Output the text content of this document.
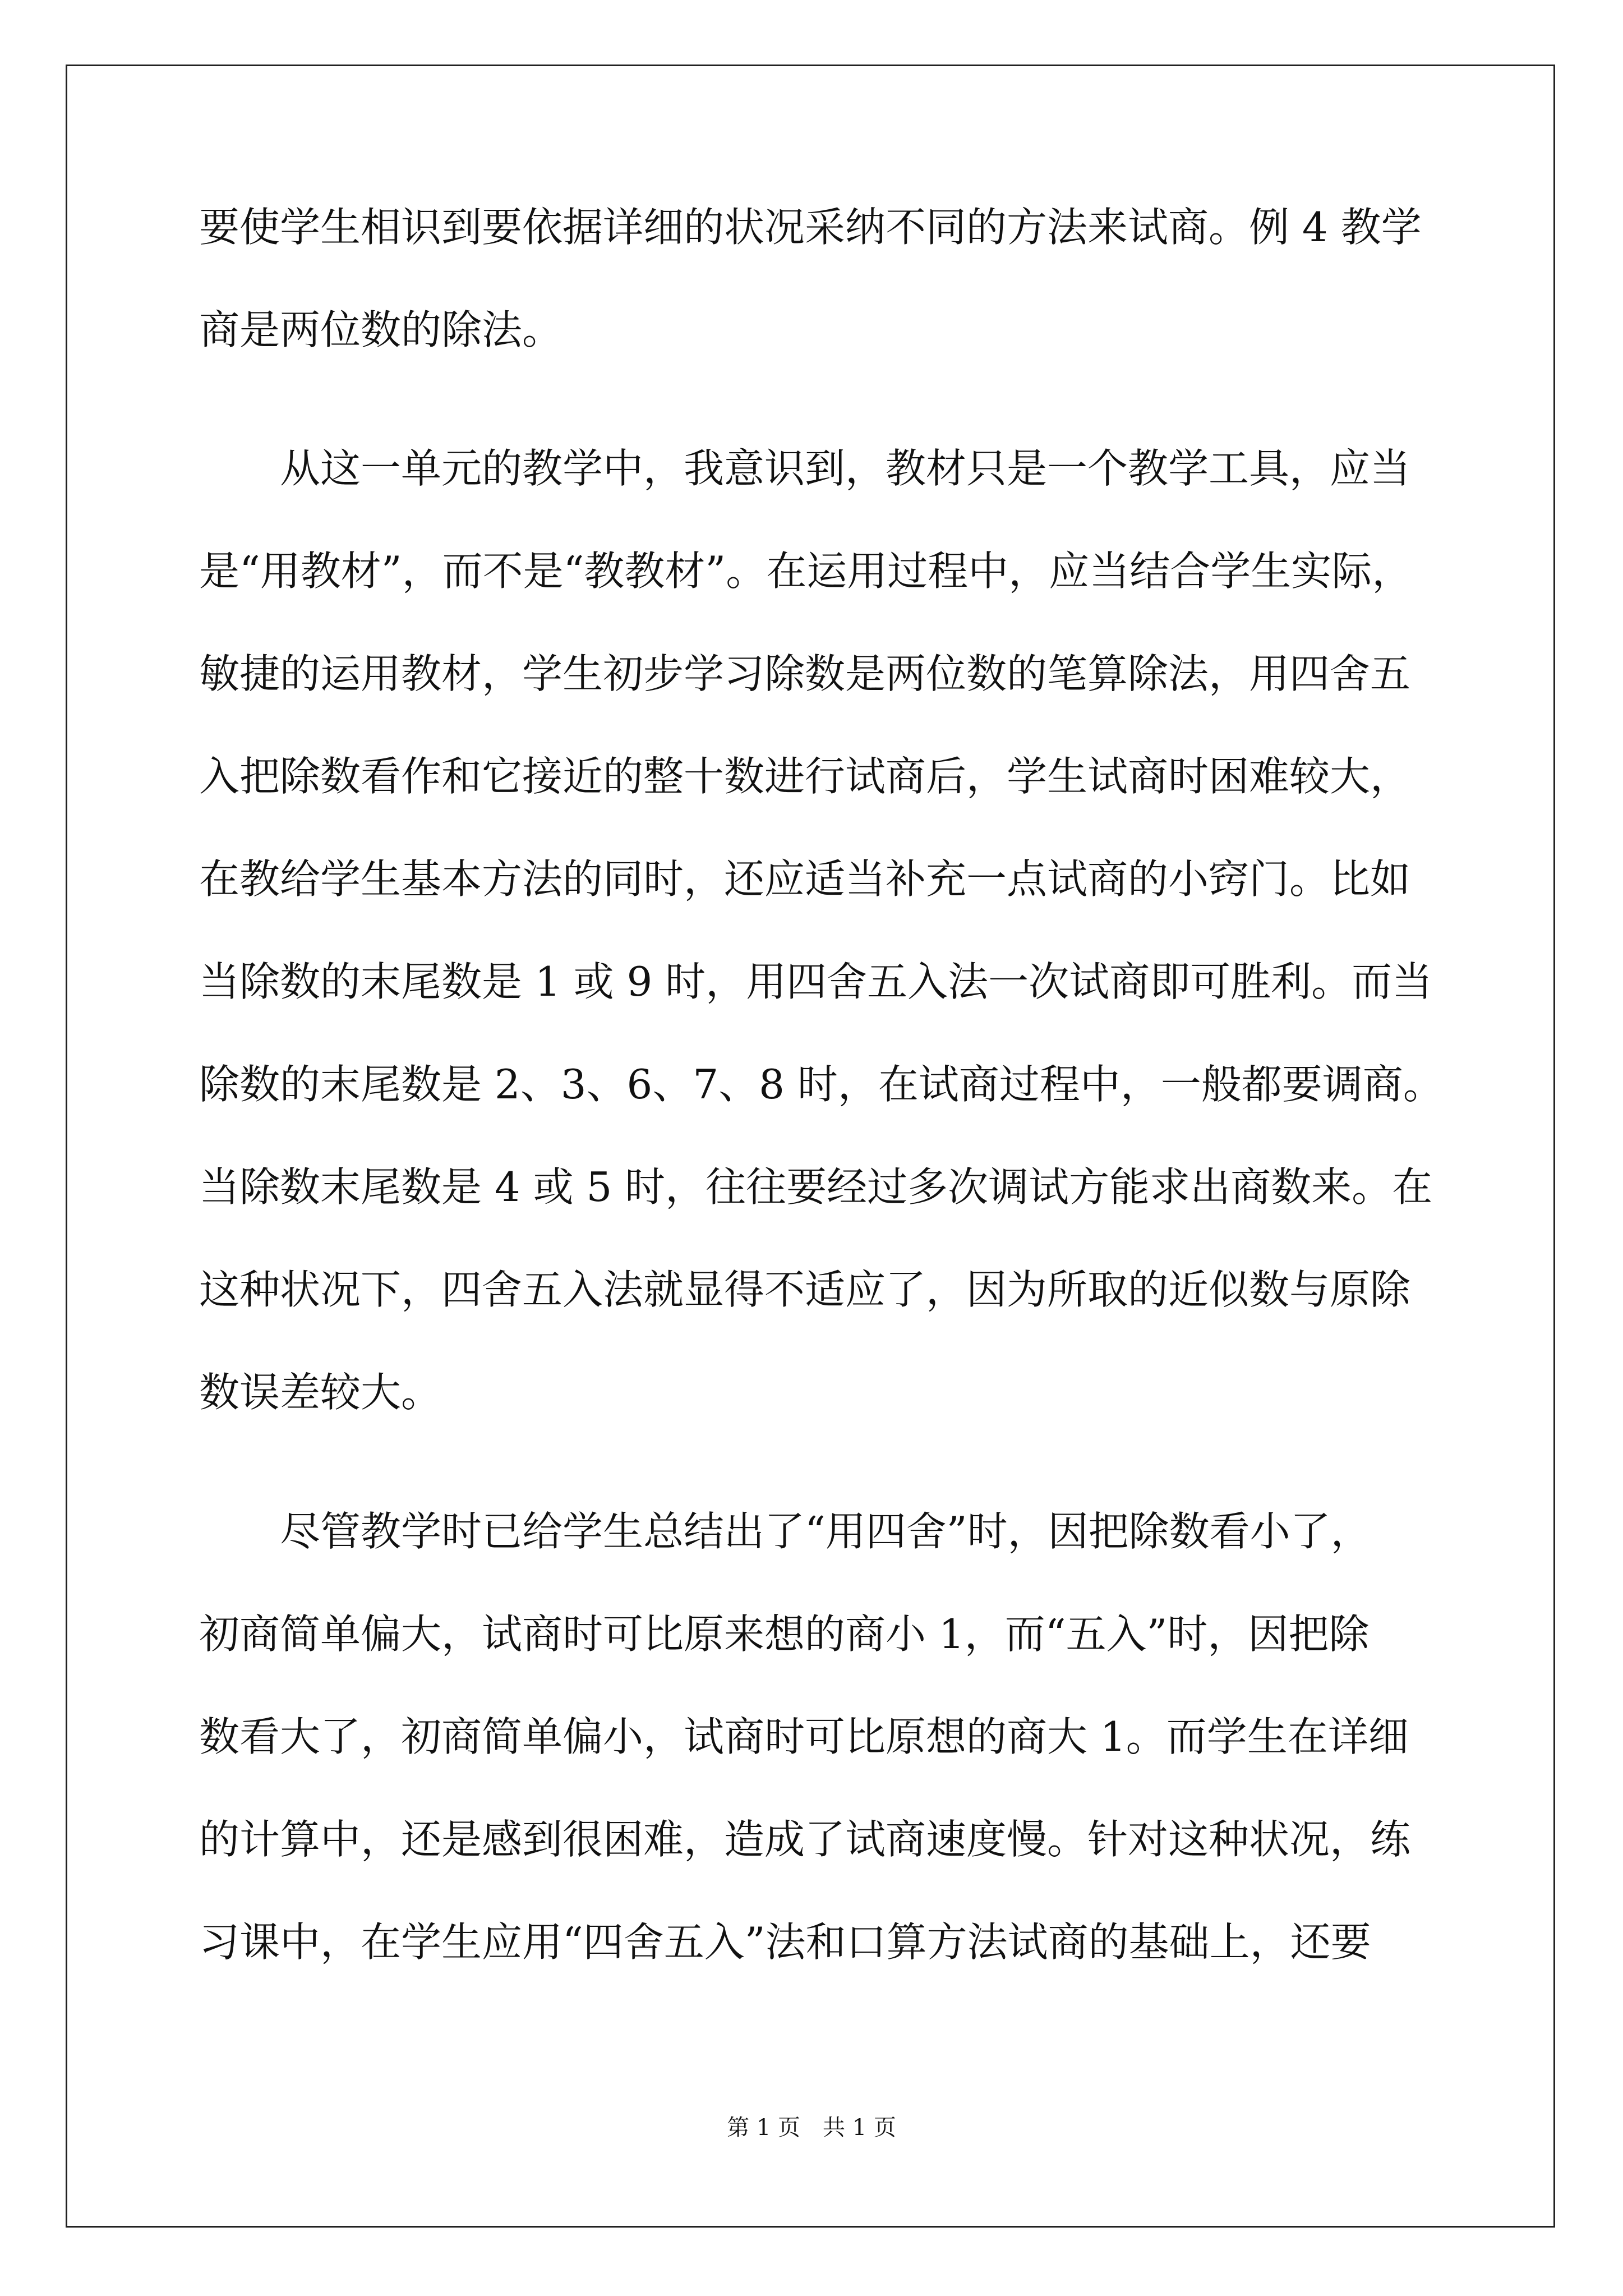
要使学生相识到要依据详细的状况采纳不同的方法来试商。例 4 教学
商是两位数的除法。
　　从这一单元的教学中，我意识到，教材只是一个教学工具，应当
是“用教材”，而不是“教教材”。在运用过程中，应当结合学生实际，
敏捷的运用教材，学生初步学习除数是两位数的笔算除法，用四舍五
入把除数看作和它接近的整十数进行试商后，学生试商时困难较大，
在教给学生基本方法的同时，还应适当补充一点试商的小窍门。比如
当除数的末尾数是 1 或 9 时，用四舍五入法一次试商即可胜利。而当
除数的末尾数是 2、3、6、7、8 时，在试商过程中，一般都要调商。
当除数末尾数是 4 或 5 时，往往要经过多次调试方能求出商数来。在
这种状况下，四舍五入法就显得不适应了，因为所取的近似数与原除
数误差较大。
　　尽管教学时已给学生总结出了“用四舍”时，因把除数看小了，
初商简单偏大，试商时可比原来想的商小 1，而“五入”时，因把除
数看大了，初商简单偏小，试商时可比原想的商大 1。而学生在详细
的计算中，还是感到很困难，造成了试商速度慢。针对这种状况，练
习课中，在学生应用“四舍五入”法和口算方法试商的基础上，还要
第 1 页　共 1 页
